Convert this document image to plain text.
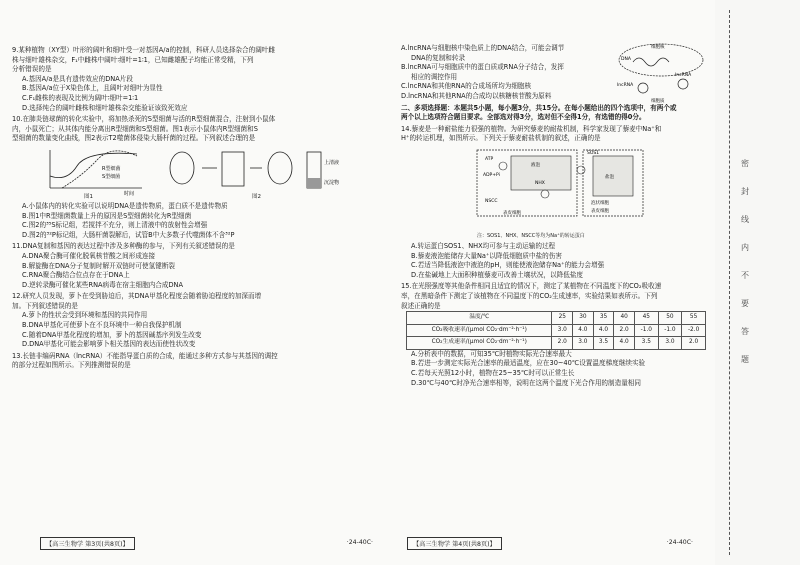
9.某种植物（XY型）叶形的阔叶和细叶受一对基因A/a的控制，科研人员选择杂合的阔叶雌
株与细叶雄株杂交，F₁中雌株中阔叶∶细叶=1∶1，已知雌雄配子均能正常受精，下列
分析错误的是
A.基因A/a是具有遗传效应的DNA片段
B.基因A/a位于X染色体上，且阔叶对细叶为显性
C.F₁雌株的表现及比例为阔叶∶细叶=1∶1
D.选择纯合的阔叶雌株和细叶雄株杂交能验证该致死效应
10.在肺炎链球菌的转化实验中，将加热杀死的S型细菌与活的R型细菌混合，注射到小鼠体
内，小鼠死亡；从其体内能分离出R型细菌和S型细菌。图1表示小鼠体内R型细菌和S
型细菌的数量变化曲线，图2表示T2噬菌体侵染大肠杆菌的过程。下列叙述合理的是
R型细菌
S型细菌
时间
上清液
沉淀物
图1	图2
A.小鼠体内的转化实验可以说明DNA是遗传物质，蛋白质不是遗传物质
B.图1中R型细菌数量上升的原因是S型细菌转化为R型细菌
C.图2的³⁵S标记组，若搅拌不充分，则上清液中的放射性会增强
D.图2的³²P标记组，大肠杆菌裂解后，试管B中大多数子代噬菌体不含³²P
11.DNA复制和基因的表达过程中涉及多种酶的参与，下列有关叙述错误的是
A.DNA聚合酶可催化脱氧核苷酸之间形成连接
B.解旋酶在DNA分子复制时解开双链时可使氢键断裂
C.RNA聚合酶结合位点存在于DNA上
D.逆转录酶可催化某些RNA病毒在宿主细胞内合成DNA
12.研究人员发现，萝卜在受到胁迫后，其DNA甲基化程度会随着胁迫程度的加深而增
加。下列叙述错误的是
A.萝卜的性状会受到环境和基因的共同作用
B.DNA甲基化可使萝卜在不良环境中一种自我保护机制
C.随着DNA甲基化程度的增加，萝卜的基因碱基序列发生改变
D.DNA甲基化可能会影响萝卜相关基因的表达而使性状改变
13.长链非编码RNA（lncRNA）不能指导蛋白质的合成，能通过多种方式参与其基因的调控
的部分过程如图所示。下列推测错误的是
【高三生物学 第3页(共8页)】	·24-40C·
细胞核
DNA
lncRNA
lncRNA
细胞质
A.lncRNA与细胞核中染色质上的DNA结合，可能会调节
DNA的复制和转录
B.lncRNA可与细胞质中的蛋白质或RNA分子结合，发挥
相应的调控作用
C.lncRNA和其他RNA的合成场所均为细胞核
D.lncRNA和其他RNA的合成均以核糖核苷酸为原料
二、多项选择题：本题共5小题，每小题3分，共15分。在每小题给出的四个选项中，有两个或
两个以上选项符合题目要求。全部选对得3分，选对但不全得1分，有选错的得0分。
14.藜麦是一种耐盐能力很强的植物。为研究藜麦的耐盐机制，科学家发现了藜麦中Na⁺和
H⁺的转运机理，如图所示。下列关于藜麦耐盐机制的叙述，正确的是
液泡
ATP
ADP+Pi
NHX
SOS1
NSCC
表皮细胞
泡状细胞
盐泡
表皮细胞
注：SOS1、NHX、NSCC等均为Na⁺的转运蛋白
A.转运蛋白SOS1、NHX均可参与主动运输的过程
B.藜麦液泡能储存大量Na⁺以降低细胞质中盐的伤害
C.若适当降低液泡中液泡的pH，则能使液泡储存Na⁺的能力会增强
D.在盐碱地上大面积种植藜麦可改善土壤状况，以降低盐度
15.在光照强度等其他条件相同且适宜的情况下，测定了某植物在不同温度下的CO₂吸收速
率，在黑暗条件下测定了该植物在不同温度下的CO₂生成速率，实验结果如表所示。下列
叙述正确的是
温度/℃	25	30	35	40	45	50	55
CO₂吸收速率/(μmol CO₂·dm⁻²·h⁻¹)	3.0	4.0	4.0	2.0	-1.0	-1.0	-2.0
CO₂生成速率/(μmol CO₂·dm⁻²·h⁻¹)	2.0	3.0	3.5	4.0	3.5	3.0	2.0
A.分析表中的数据，可知35℃时植物实际光合速率最大
B.若进一步测定实际光合速率的最适温度，应在30~40℃设置温度梯度继续实验
C.若每天光照12小时，植物在25~35℃时可以正常生长
D.30℃与40℃时净光合速率相等，说明在这两个温度下光合作用的制造量相同
【高三生物学 第4页(共8页)】	·24-40C·
密
封
线
内
不
要
答
题
